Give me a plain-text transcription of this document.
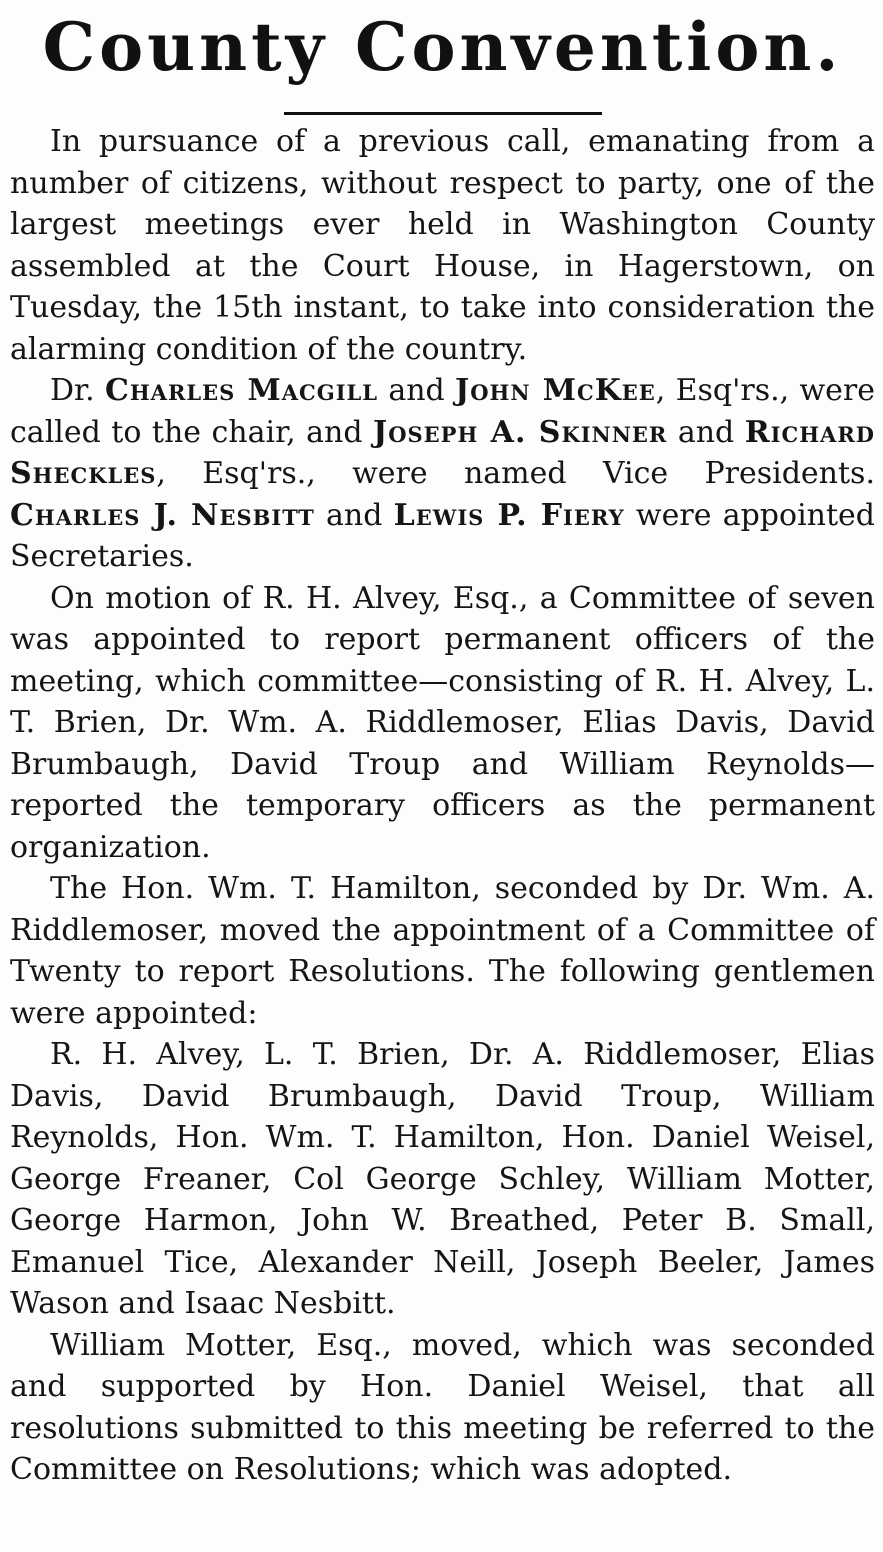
County Convention.

In pursuance of a previous call, emanating from a number of citizens, without respect to party, one of the largest meetings ever held in Washington County assembled at the Court House, in Hagerstown, on Tuesday, the 15th instant, to take into consideration the alarming condition of the country.

Dr. Charles Macgill and John McKee, Esq'rs., were called to the chair, and Joseph A. Skinner and Richard Sheckles, Esq'rs., were named Vice Presidents. Charles J. Nesbitt and Lewis P. Fiery were appointed Secretaries.

On motion of R. H. Alvey, Esq., a Committee of seven was appointed to report permanent officers of the meeting, which committee—consisting of R. H. Alvey, L. T. Brien, Dr. Wm. A. Riddlemoser, Elias Davis, David Brumbaugh, David Troup and William Reynolds—reported the temporary officers as the permanent organization.

The Hon. Wm. T. Hamilton, seconded by Dr. Wm. A. Riddlemoser, moved the appointment of a Committee of Twenty to report Resolutions. The following gentlemen were appointed:

R. H. Alvey, L. T. Brien, Dr. A. Riddlemoser, Elias Davis, David Brumbaugh, David Troup, William Reynolds, Hon. Wm. T. Hamilton, Hon. Daniel Weisel, George Freaner, Col George Schley, William Motter, George Harmon, John W. Breathed, Peter B. Small, Emanuel Tice, Alexander Neill, Joseph Beeler, James Wason and Isaac Nesbitt.

William Motter, Esq., moved, which was seconded and supported by Hon. Daniel Weisel, that all resolutions submitted to this meeting be referred to the Committee on Resolutions; which was adopted.
